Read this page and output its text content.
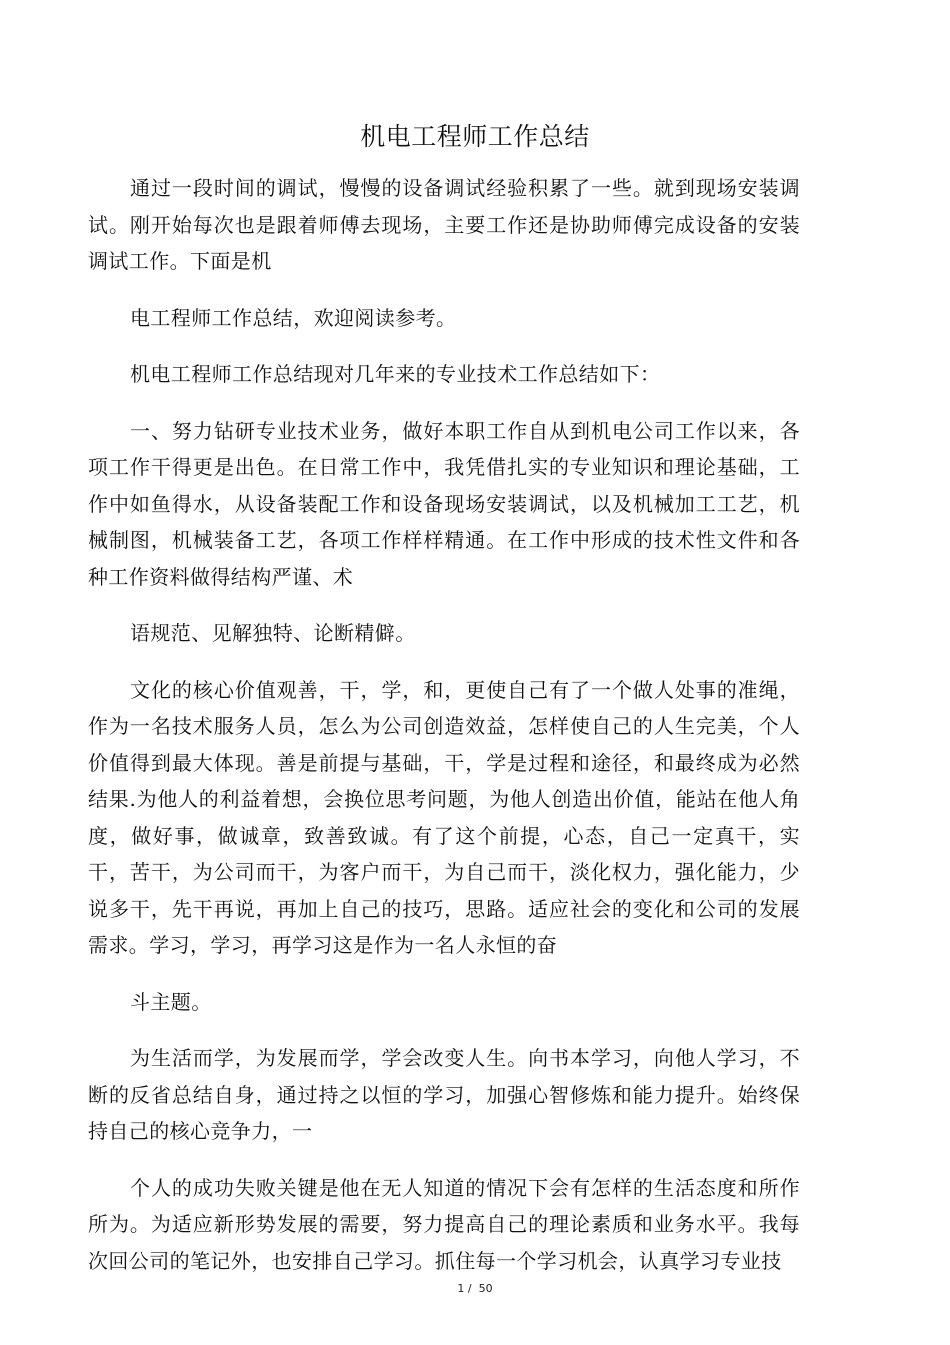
机电工程师工作总结

通过一段时间的调试，慢慢的设备调试经验积累了一些。就到现场安装调试。刚开始每次也是跟着师傅去现场，主要工作还是协助师傅完成设备的安装调试工作。下面是机

电工程师工作总结，欢迎阅读参考。

机电工程师工作总结现对几年来的专业技术工作总结如下：

一、努力钻研专业技术业务，做好本职工作自从到机电公司工作以来，各项工作干得更是出色。在日常工作中，我凭借扎实的专业知识和理论基础，工作中如鱼得水，从设备装配工作和设备现场安装调试，以及机械加工工艺，机械制图，机械装备工艺，各项工作样样精通。在工作中形成的技术性文件和各种工作资料做得结构严谨、术

语规范、见解独特、论断精僻。

文化的核心价值观善，干，学，和，更使自己有了一个做人处事的准绳，作为一名技术服务人员，怎么为公司创造效益，怎样使自己的人生完美，个人价值得到最大体现。善是前提与基础，干，学是过程和途径，和最终成为必然结果.为他人的利益着想，会换位思考问题，为他人创造出价值，能站在他人角度，做好事，做诚章，致善致诚。有了这个前提，心态，自己一定真干，实干，苦干，为公司而干，为客户而干，为自己而干，淡化权力，强化能力，少说多干，先干再说，再加上自己的技巧，思路。适应社会的变化和公司的发展需求。学习，学习，再学习这是作为一名人永恒的奋

斗主题。

为生活而学，为发展而学，学会改变人生。向书本学习，向他人学习，不断的反省总结自身，通过持之以恒的学习，加强心智修炼和能力提升。始终保持自己的核心竞争力，一

个人的成功失败关键是他在无人知道的情况下会有怎样的生活态度和所作所为。为适应新形势发展的需要，努力提高自己的理论素质和业务水平。我每次回公司的笔记外，也安排自己学习。抓住每一个学习机会，认真学习专业技

1 / 50
